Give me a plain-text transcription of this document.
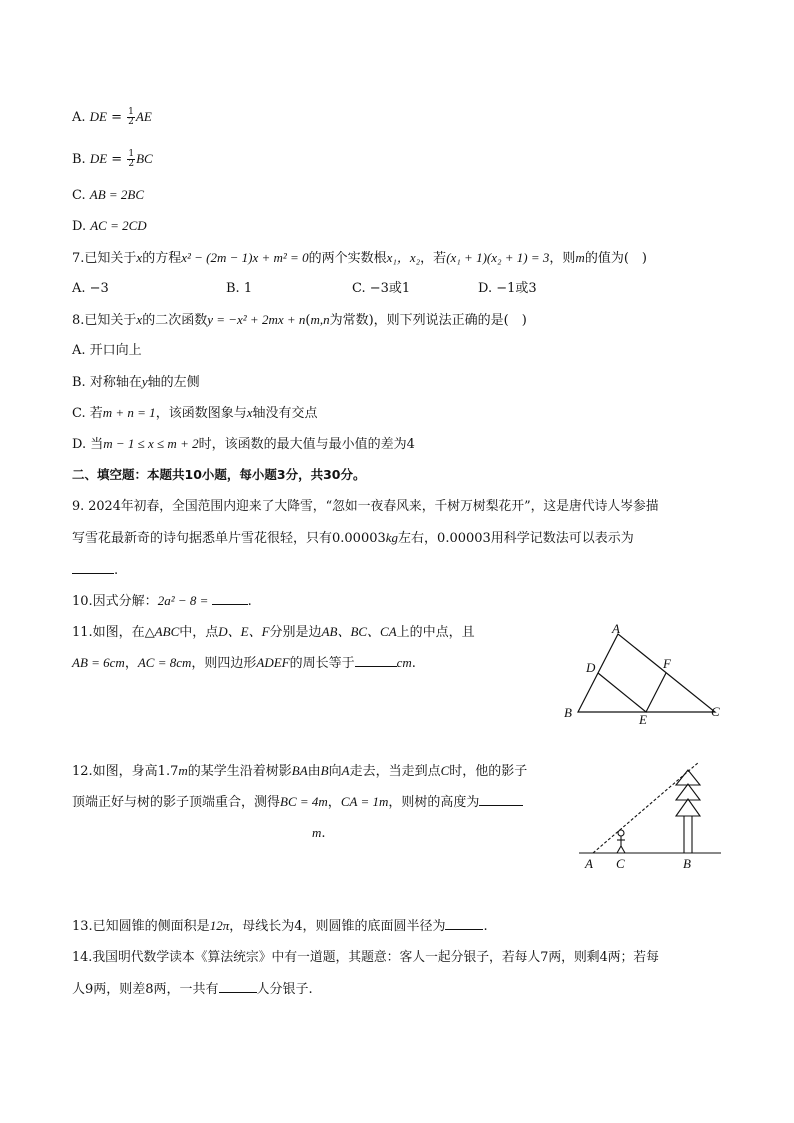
A. DE = $\frac{1}{2}$ AE
B. DE = $\frac{1}{2}$ BC
C. AB = 2BC
D. AC = 2CD
7.已知关于x的方程x² − (2m − 1)x + m² = 0的两个实数根x₁，x₂，若(x₁ + 1)(x₂ + 1) = 3，则m的值为(　)
A. −3	B. 1	C. −3或1	D. −1或3
8.已知关于x的二次函数y = −x² + 2mx + n(m,n为常数)，则下列说法正确的是(　)
A. 开口向上
B. 对称轴在y轴的左侧
C. 若m + n = 1，该函数图象与x轴没有交点
D. 当m − 1 ≤ x ≤ m + 2时，该函数的最大值与最小值的差为4
二、填空题：本题共10小题，每小题3分，共30分。
9. 2024年初春，全国范围内迎来了大降雪，“忽如一夜春风来，千树万树梨花开”，这是唐代诗人岑参描
写雪花最新奇的诗句据悉单片雪花很轻，只有0.00003kg左右，0.00003用科学记数法可以表示为
.
10.因式分解：2a² − 8 =	.
11.如图，在△ABC中，点D、E、F分别是边AB、BC、CA上的中点，且
AB = 6cm，AC = 8cm，则四边形ADEF的周长等于	cm.
A
B	C
D
E
F
12.如图，身高1.7m的某学生沿着树影BA由B向A走去，当走到点C时，他的影子
顶端正好与树的影子顶端重合，测得BC = 4m，CA = 1m，则树的高度为
m.
A C	B
13.已知圆锥的侧面积是12π，母线长为4，则圆锥的底面圆半径为	.
14.我国明代数学读本《算法统宗》中有一道题，其题意：客人一起分银子，若每人7两，则剩4两；若每
人9两，则差8两，一共有	人分银子.
